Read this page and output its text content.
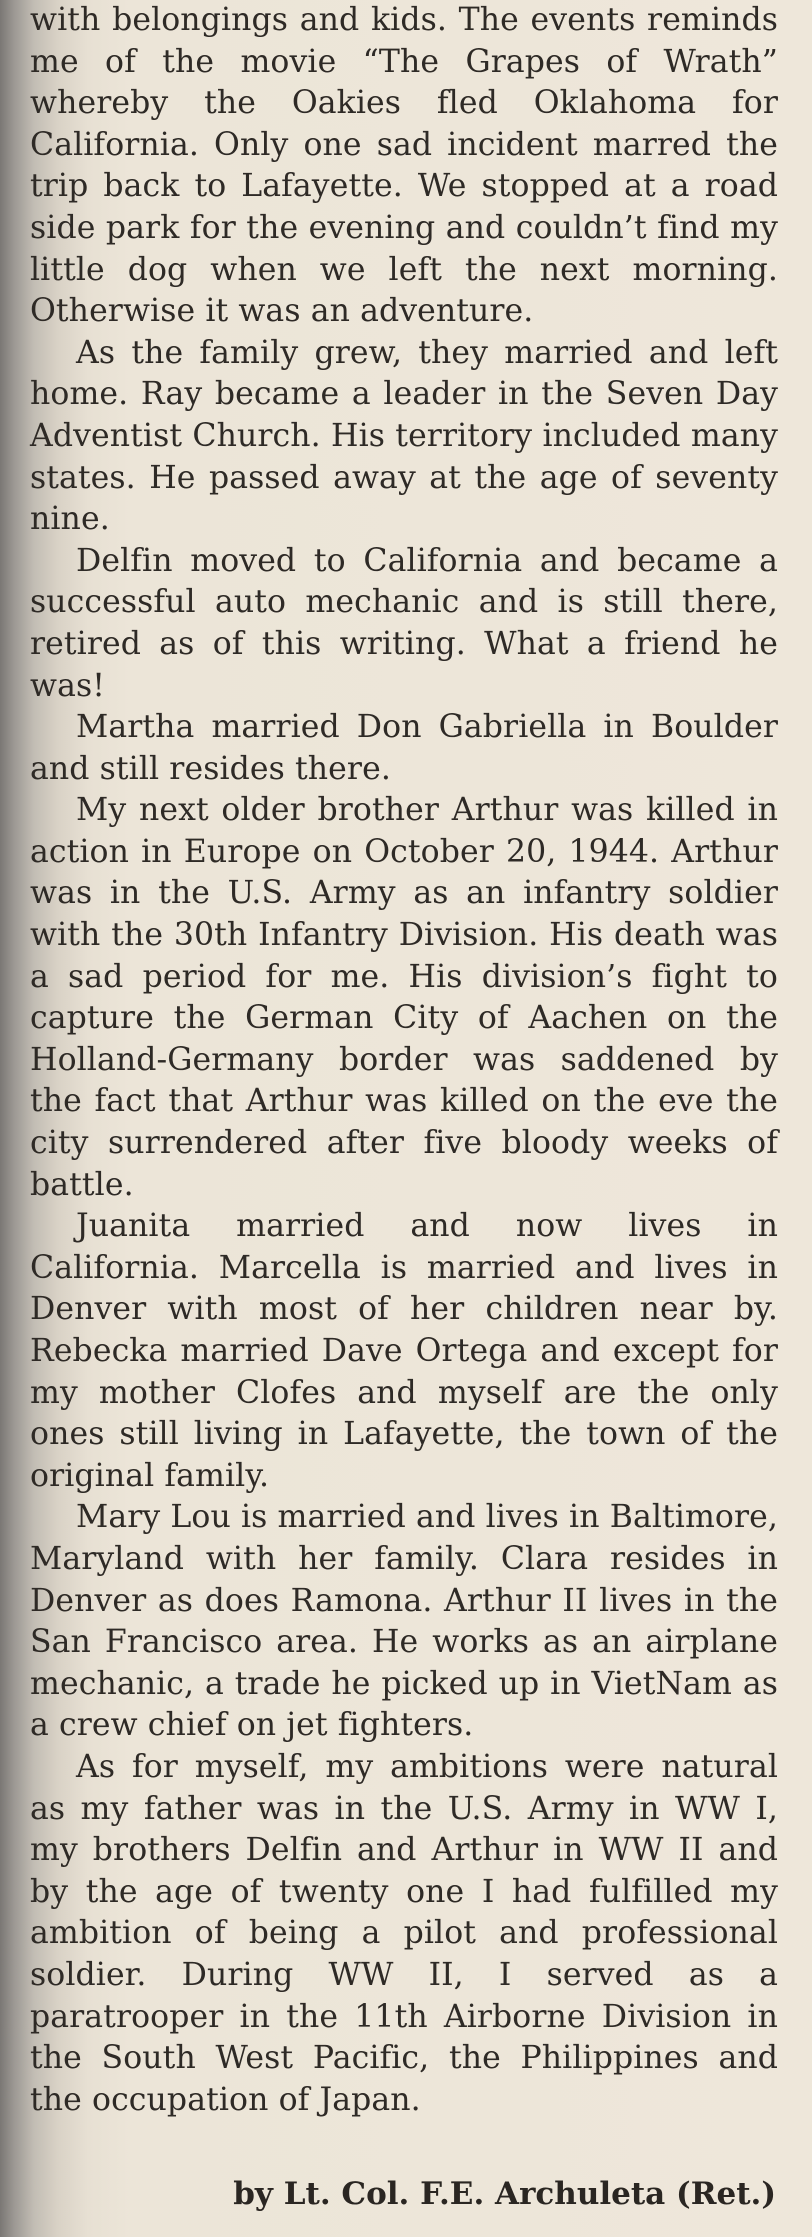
with belongings and kids. The events reminds me of the movie “The Grapes of Wrath” whereby the Oakies fled Oklahoma for California. Only one sad incident marred the trip back to Lafayette. We stopped at a road side park for the evening and couldn’t find my little dog when we left the next morning. Otherwise it was an adventure.

As the family grew, they married and left home. Ray became a leader in the Seven Day Adventist Church. His territory included many states. He passed away at the age of seventy nine.

Delfin moved to California and became a successful auto mechanic and is still there, retired as of this writing. What a friend he was!

Martha married Don Gabriella in Boulder and still resides there.

My next older brother Arthur was killed in action in Europe on October 20, 1944. Arthur was in the U.S. Army as an infantry soldier with the 30th Infantry Division. His death was a sad period for me. His division’s fight to capture the German City of Aachen on the Holland-Germany border was saddened by the fact that Arthur was killed on the eve the city surrendered after five bloody weeks of battle.

Juanita married and now lives in California. Marcella is married and lives in Denver with most of her children near by. Rebecka married Dave Ortega and except for my mother Clofes and myself are the only ones still living in Lafayette, the town of the original family.

Mary Lou is married and lives in Baltimore, Maryland with her family. Clara resides in Denver as does Ramona. Arthur II lives in the San Francisco area. He works as an airplane mechanic, a trade he picked up in VietNam as a crew chief on jet fighters.

As for myself, my ambitions were natural as my father was in the U.S. Army in WW I, my brothers Delfin and Arthur in WW II and by the age of twenty one I had fulfilled my ambition of being a pilot and professional soldier. During WW II, I served as a paratrooper in the 11th Airborne Division in the South West Pacific, the Philippines and the occupation of Japan.

by Lt. Col. F.E. Archuleta (Ret.)
